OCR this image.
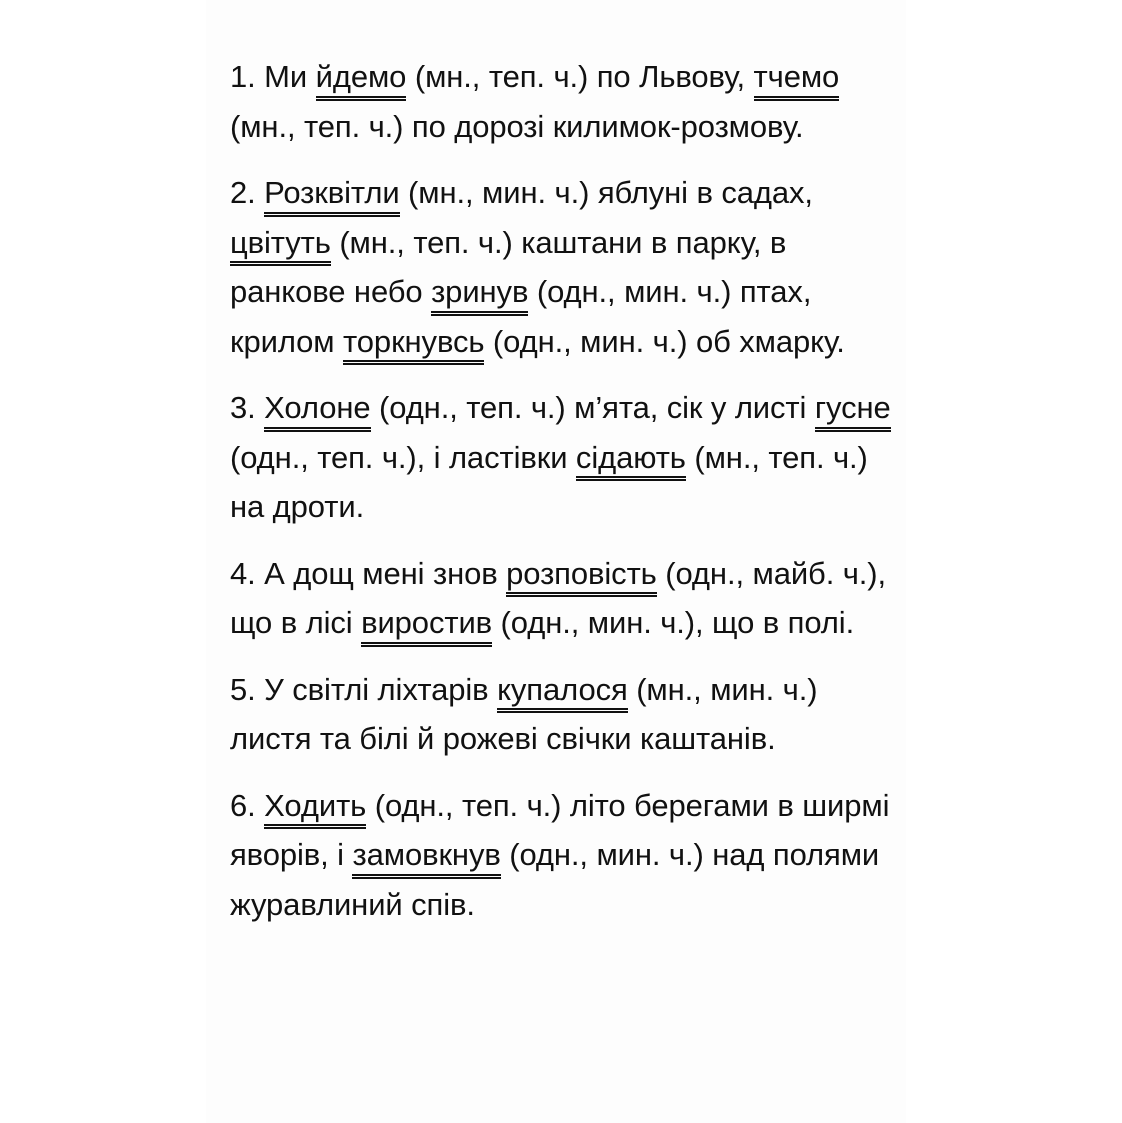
1. Ми йдемо (мн., теп. ч.) по Львову, тчемо (мн., теп. ч.) по дорозі килимок-розмову.
2. Розквітли (мн., мин. ч.) яблуні в садах, цвітуть (мн., теп. ч.) каштани в парку, в ранкове небо зринув (одн., мин. ч.) птах, крилом торкнувсь (одн., мин. ч.) об хмарку.
3. Холоне (одн., теп. ч.) м’ята, сік у листі гусне (одн., теп. ч.), і ластівки сідають (мн., теп. ч.) на дроти.
4. А дощ мені знов розповість (одн., майб. ч.), що в лісі виростив (одн., мин. ч.), що в полі.
5. У світлі ліхтарів купалося (мн., мин. ч.) листя та білі й рожеві свічки каштанів.
6. Ходить (одн., теп. ч.) літо берегами в ширмі яворів, і замовкнув (одн., мин. ч.) над полями журавлиний спів.
